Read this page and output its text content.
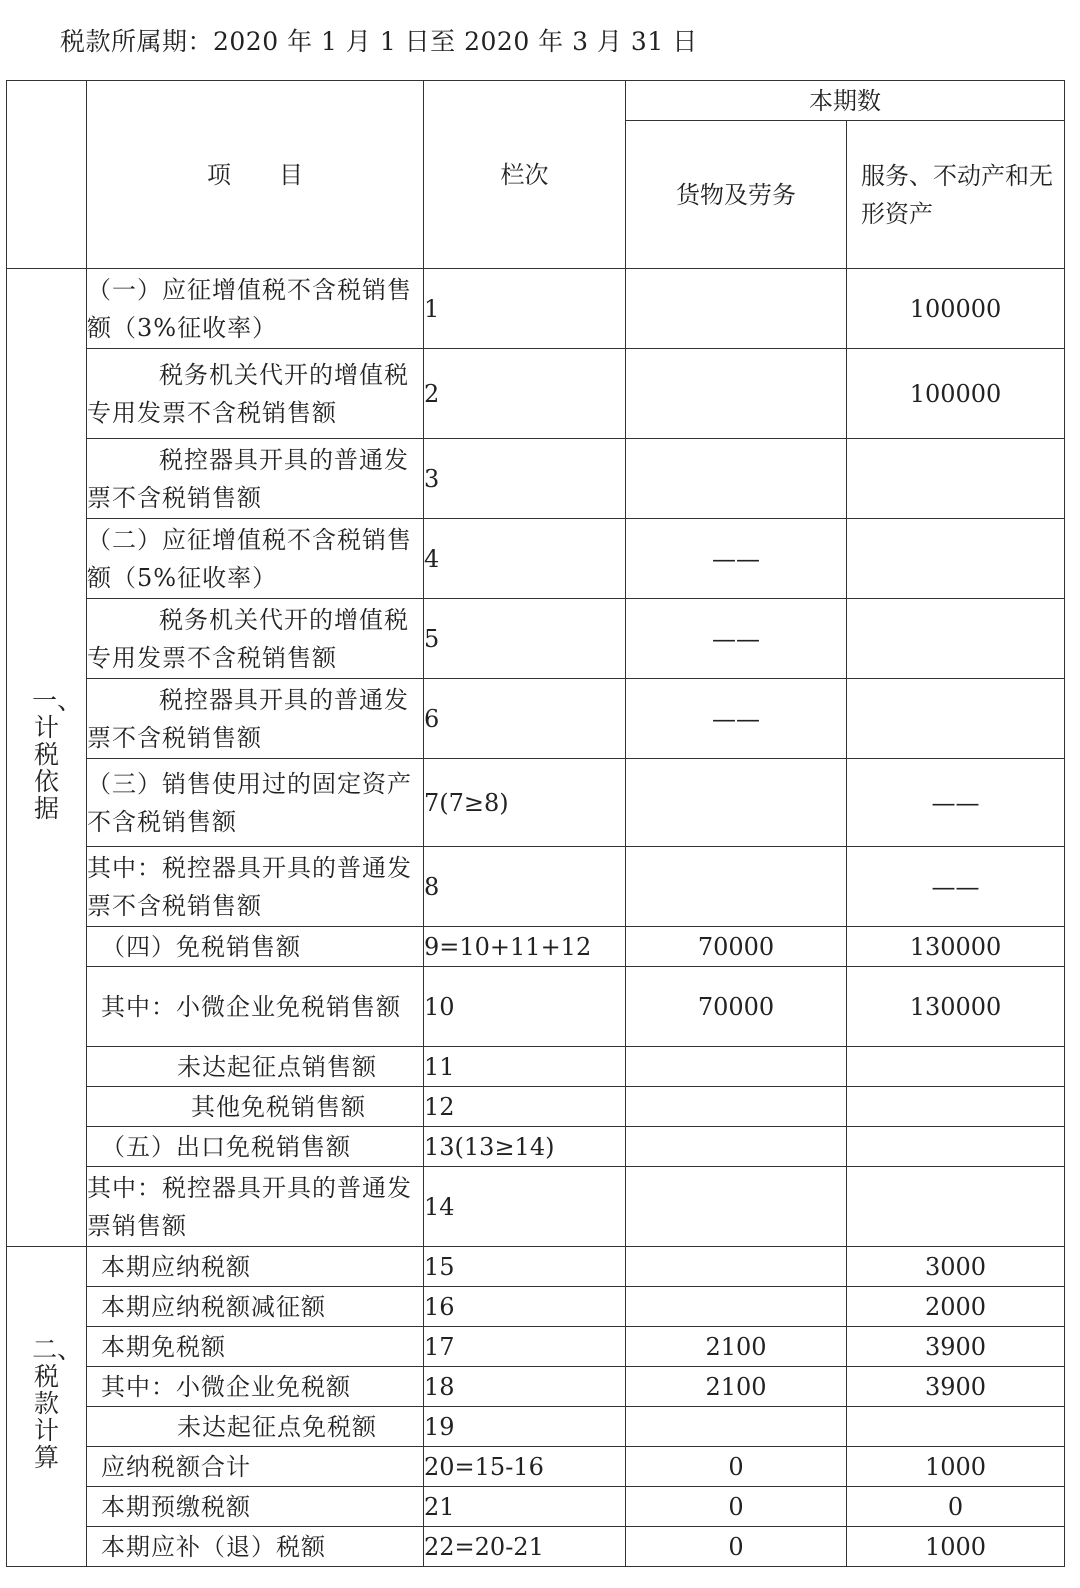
税款所属期：2020 年 1 月 1 日至 2020 年 3 月 31 日
	项　　目	栏次	本期数	
			货物及劳务	服务、不动产和无形资产
一、计税依据	（一）应征增值税不含税销售额（3%征收率）	1		100000
	税务机关代开的增值税专用发票不含税销售额	2		100000
	税控器具开具的普通发票不含税销售额	3		
	（二）应征增值税不含税销售额（5%征收率）	4	——	
	税务机关代开的增值税专用发票不含税销售额	5	——	
	税控器具开具的普通发票不含税销售额	6	——	
	（三）销售使用过的固定资产不含税销售额	7(7≥8)		——
	其中：税控器具开具的普通发票不含税销售额	8		——
	（四）免税销售额	9=10+11+12	70000	130000
	其中：小微企业免税销售额	10	70000	130000
	未达起征点销售额	11		
	其他免税销售额	12		
	（五）出口免税销售额	13(13≥14)		
	其中：税控器具开具的普通发票销售额	14		
二、税款计算	本期应纳税额	15		3000
	本期应纳税额减征额	16		2000
	本期免税额	17	2100	3900
	其中：小微企业免税额	18	2100	3900
	未达起征点免税额	19		
	应纳税额合计	20=15-16	0	1000
	本期预缴税额	21	0	0
	本期应补（退）税额	22=20-21	0	1000
